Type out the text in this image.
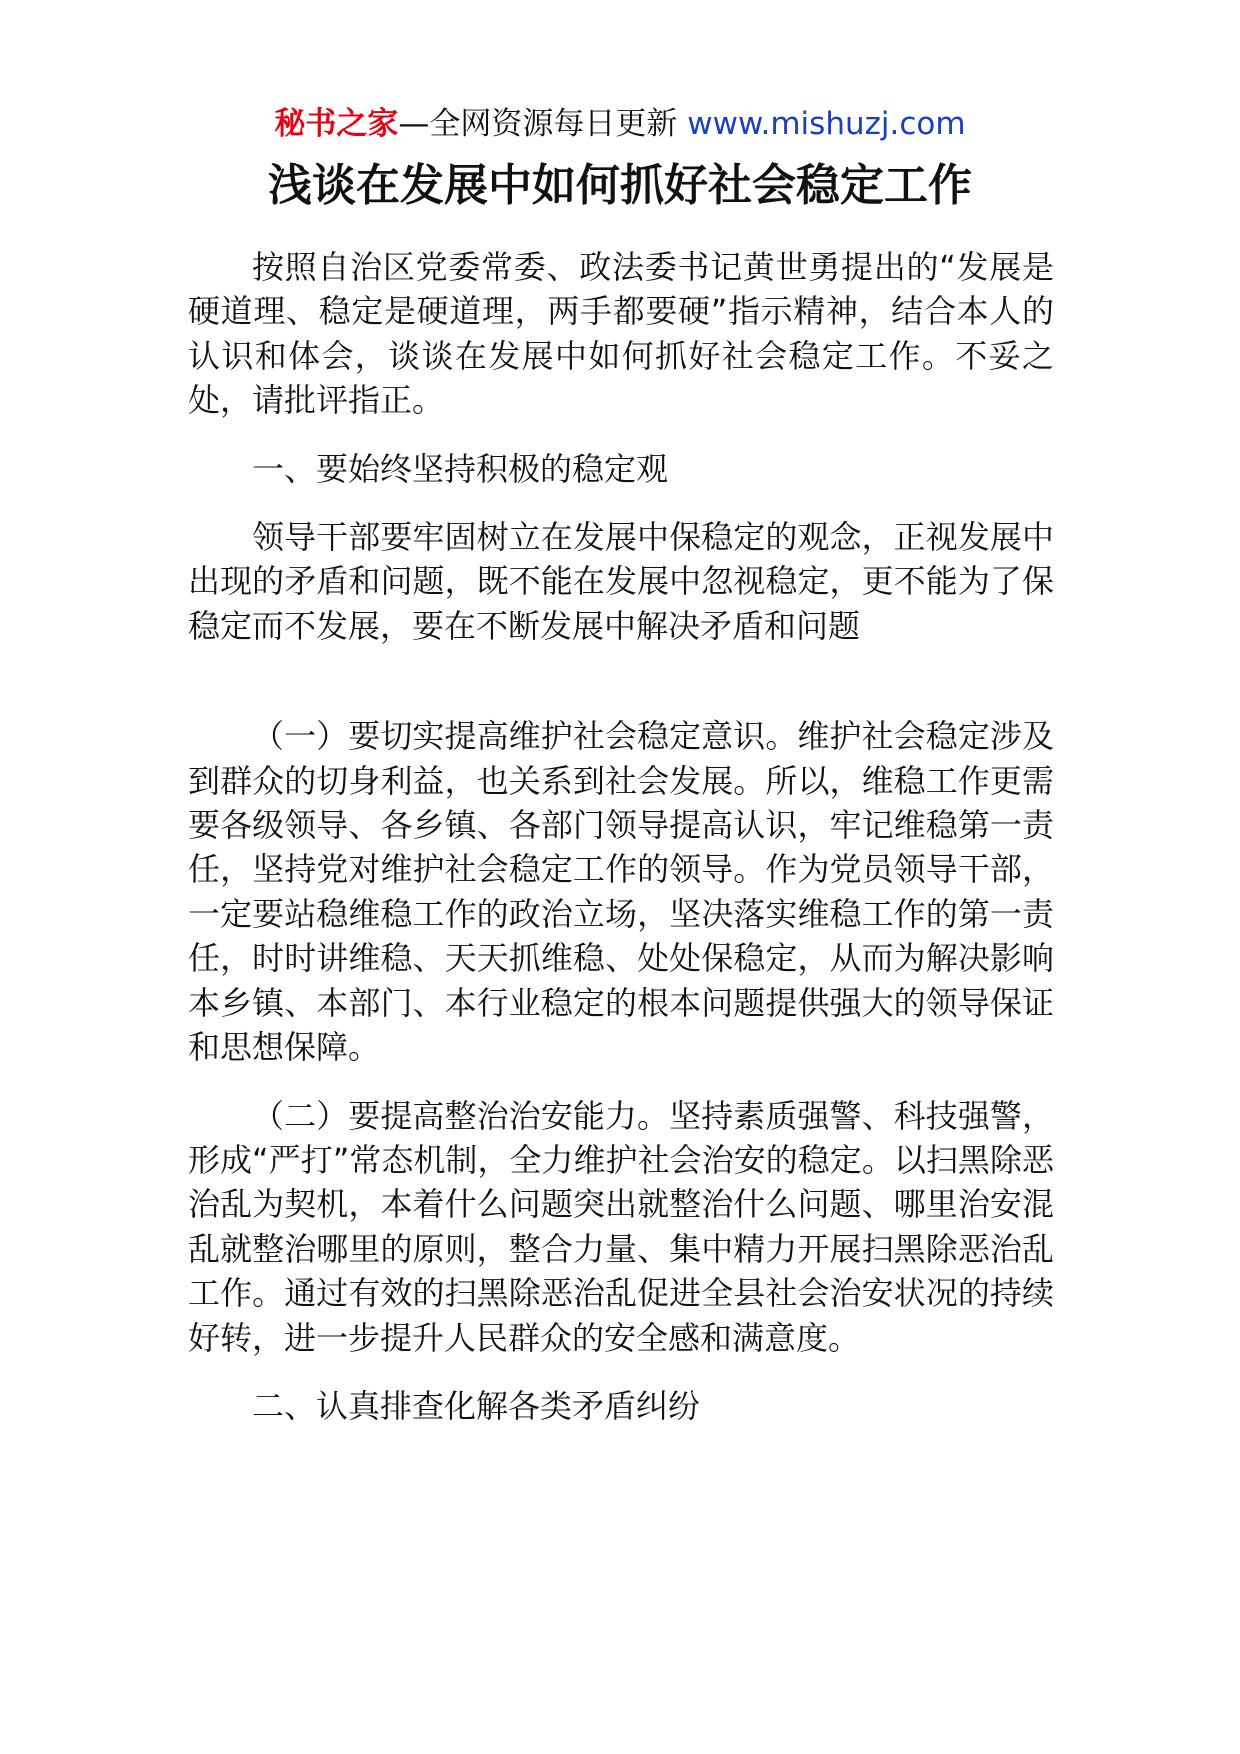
秘书之家—全网资源每日更新 www.mishuzj.com
浅谈在发展中如何抓好社会稳定工作

按照自治区党委常委、政法委书记黄世勇提出的“发展是硬道理、稳定是硬道理，两手都要硬”指示精神，结合本人的认识和体会，谈谈在发展中如何抓好社会稳定工作。不妥之处，请批评指正。

一、要始终坚持积极的稳定观

领导干部要牢固树立在发展中保稳定的观念，正视发展中出现的矛盾和问题，既不能在发展中忽视稳定，更不能为了保稳定而不发展，要在不断发展中解决矛盾和问题

（一）要切实提高维护社会稳定意识。维护社会稳定涉及到群众的切身利益，也关系到社会发展。所以，维稳工作更需要各级领导、各乡镇、各部门领导提高认识，牢记维稳第一责任，坚持党对维护社会稳定工作的领导。作为党员领导干部，一定要站稳维稳工作的政治立场，坚决落实维稳工作的第一责任，时时讲维稳、天天抓维稳、处处保稳定，从而为解决影响本乡镇、本部门、本行业稳定的根本问题提供强大的领导保证和思想保障。

（二）要提高整治治安能力。坚持素质强警、科技强警，形成“严打”常态机制，全力维护社会治安的稳定。以扫黑除恶治乱为契机，本着什么问题突出就整治什么问题、哪里治安混乱就整治哪里的原则，整合力量、集中精力开展扫黑除恶治乱工作。通过有效的扫黑除恶治乱促进全县社会治安状况的持续好转，进一步提升人民群众的安全感和满意度。

二、认真排查化解各类矛盾纠纷
